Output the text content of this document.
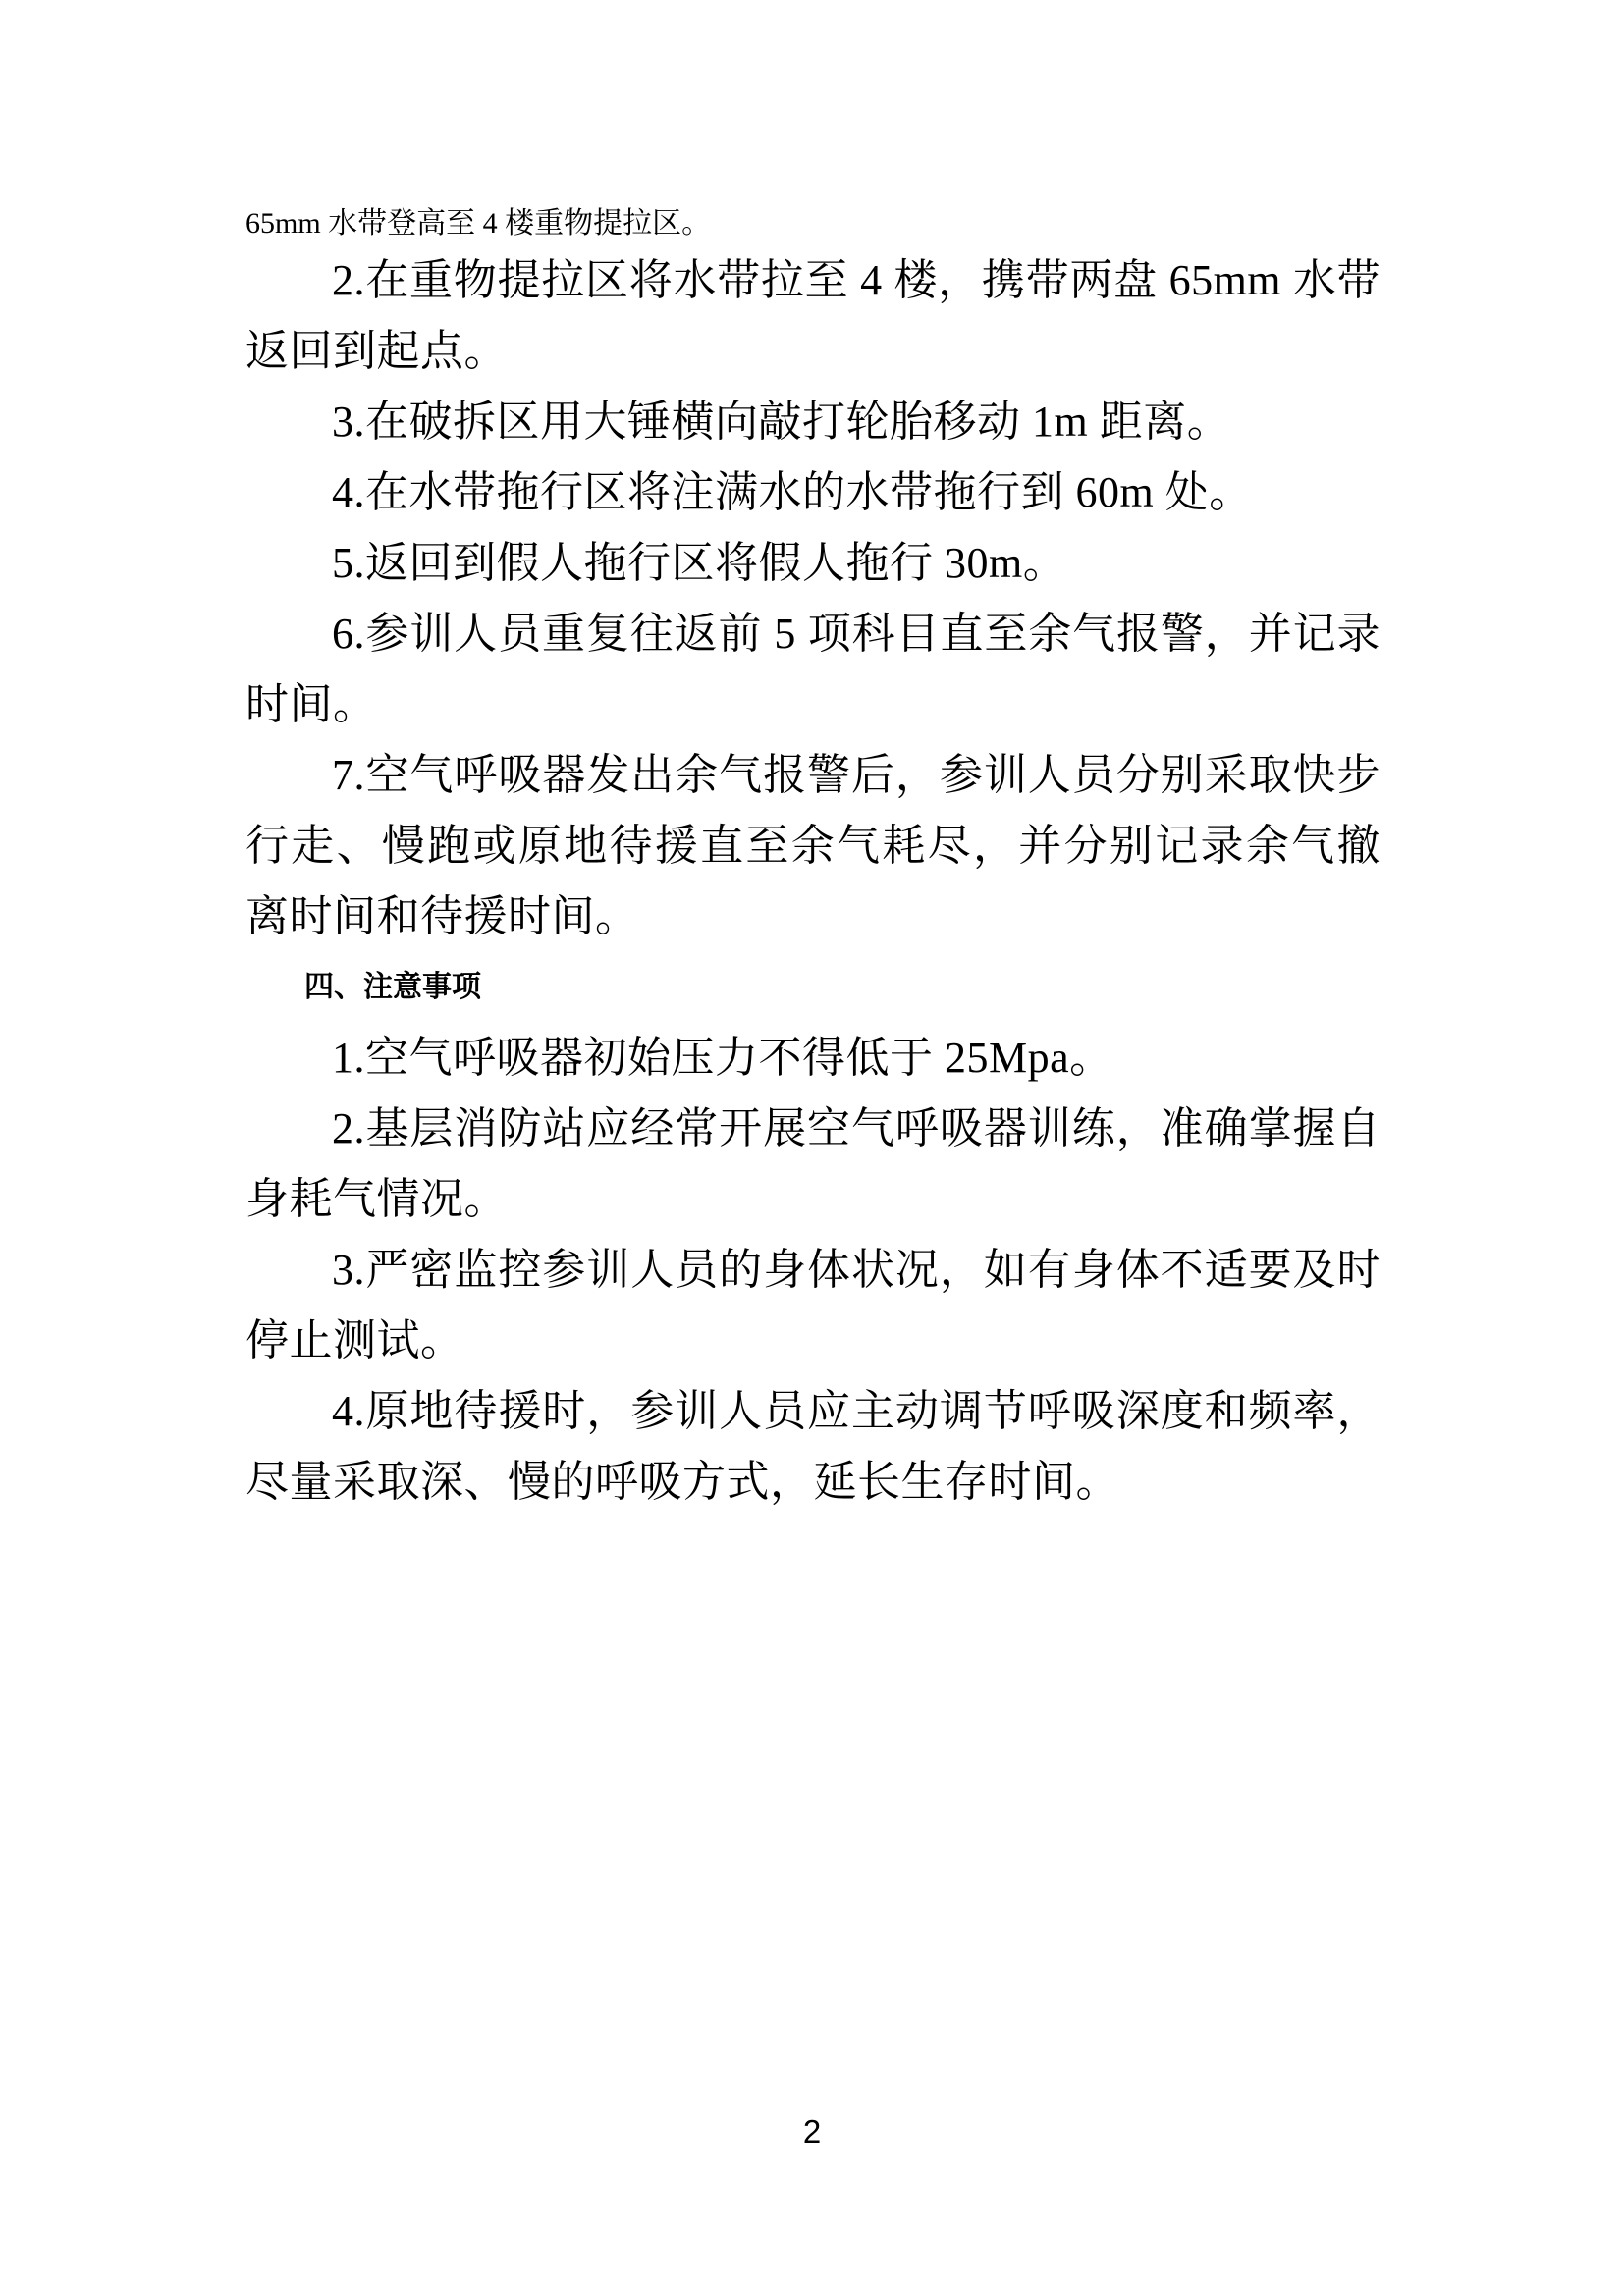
65mm 水带登高至 4 楼重物提拉区。

2.在重物提拉区将水带拉至 4 楼，携带两盘 65mm 水带返回到起点。

3.在破拆区用大锤横向敲打轮胎移动 1m 距离。

4.在水带拖行区将注满水的水带拖行到 60m 处。

5.返回到假人拖行区将假人拖行 30m。

6.参训人员重复往返前 5 项科目直至余气报警，并记录时间。

7.空气呼吸器发出余气报警后，参训人员分别采取快步行走、慢跑或原地待援直至余气耗尽，并分别记录余气撤离时间和待援时间。

四、注意事项

1.空气呼吸器初始压力不得低于 25Mpa。

2.基层消防站应经常开展空气呼吸器训练，准确掌握自身耗气情况。

3.严密监控参训人员的身体状况，如有身体不适要及时停止测试。

4.原地待援时，参训人员应主动调节呼吸深度和频率，尽量采取深、慢的呼吸方式，延长生存时间。

2
